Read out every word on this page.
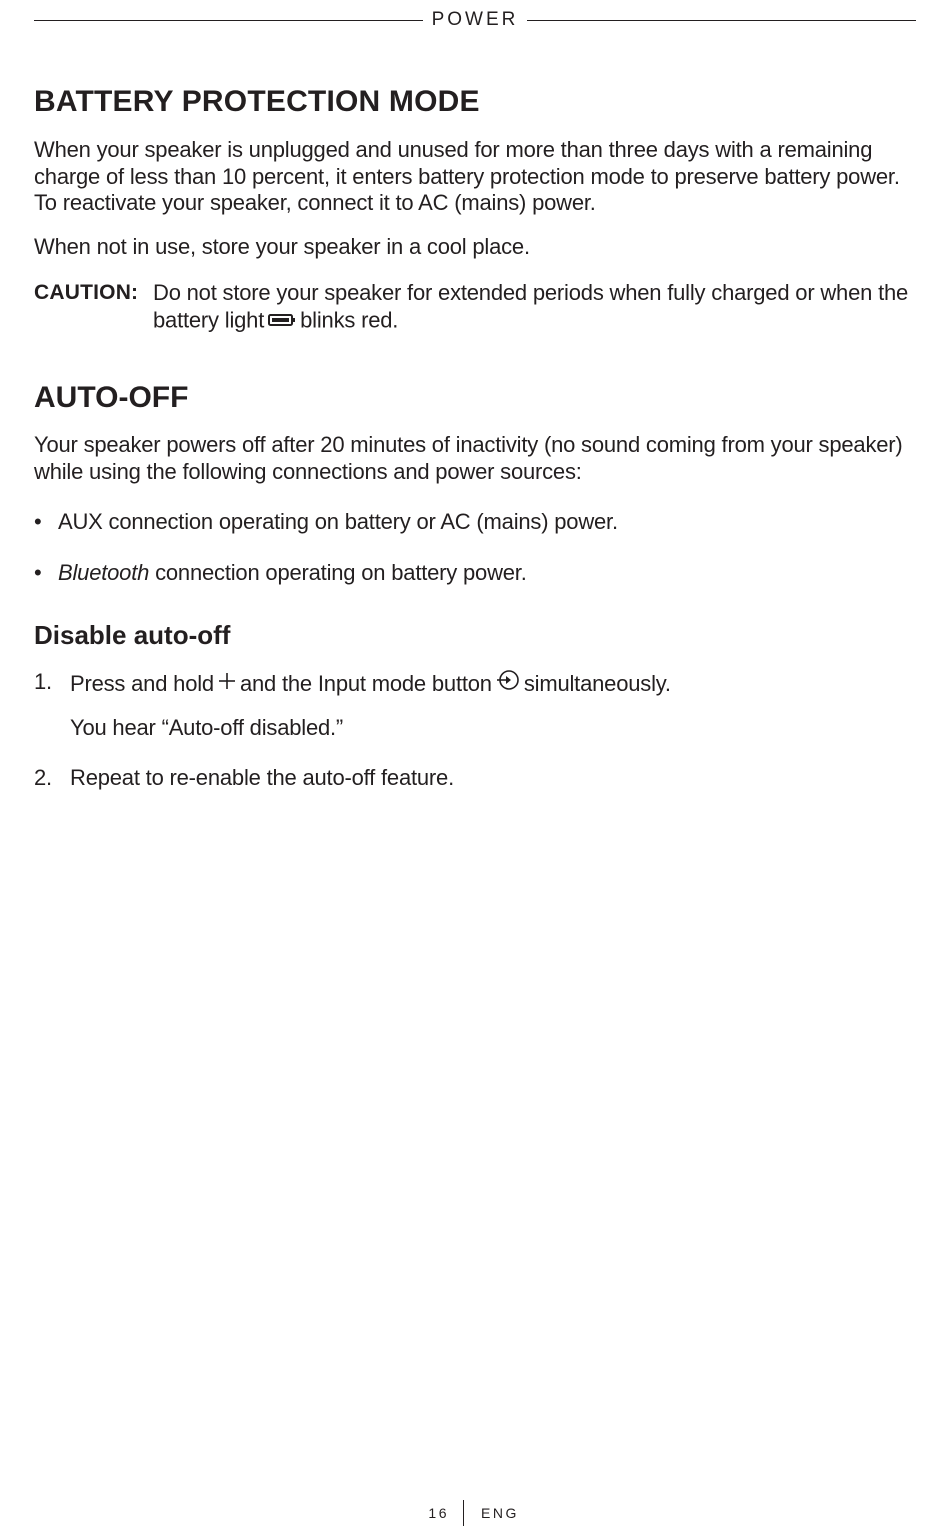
POWER
BATTERY PROTECTION MODE

When your speaker is unplugged and unused for more than three days with a remaining charge of less than 10 percent, it enters battery protection mode to preserve battery power. To reactivate your speaker, connect it to AC (mains) power.

When not in use, store your speaker in a cool place.

CAUTION: Do not store your speaker for extended periods when fully charged or when the battery light blinks red.
AUTO-OFF

Your speaker powers off after 20 minutes of inactivity (no sound coming from your speaker) while using the following connections and power sources:

• AUX connection operating on battery or AC (mains) power.
• Bluetooth connection operating on battery power.
Disable auto-off
1. Press and hold and the Input mode button simultaneously.

You hear “Auto-off disabled.”

2. Repeat to re-enable the auto-off feature.
16	ENG
